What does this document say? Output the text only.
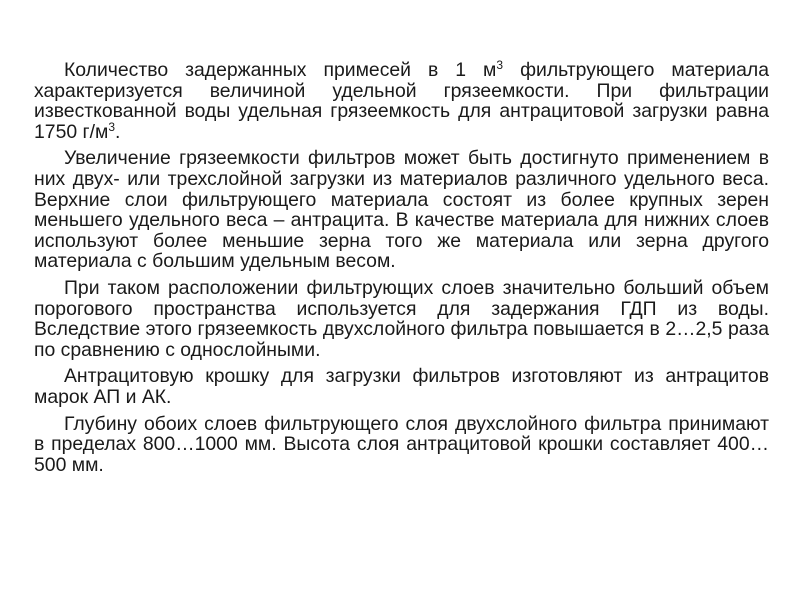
Количество задержанных примесей в 1 $м^3$ фильтрующего материала характеризуется величиной удельной грязеемкости. При фильтрации известкованной воды удельная грязеемкость для антрацитовой загрузки равна 1750 $г/м^3$.

Увеличение грязеемкости фильтров может быть достигнуто применением в них двух- или трехслойной загрузки из материалов различного удельного веса. Верхние слои фильтрующего материала состоят из более крупных зерен меньшего удельного веса – антрацита. В качестве материала для нижних слоев используют более меньшие зерна того же материала или зерна другого материала с большим удельным весом.

При таком расположении фильтрующих слоев значительно больший объем порогового пространства используется для задержания ГДП из воды. Вследствие этого грязеемкость двухслойного фильтра повышается в 2…2,5 раза по сравнению с однослойными.

Антрацитовую крошку для загрузки фильтров изготовляют из антрацитов марок АП и АК.

Глубину обоих слоев фильтрующего слоя двухслойного фильтра принимают в пределах 800…1000 мм. Высота слоя антрацитовой крошки составляет 400…500 мм.
